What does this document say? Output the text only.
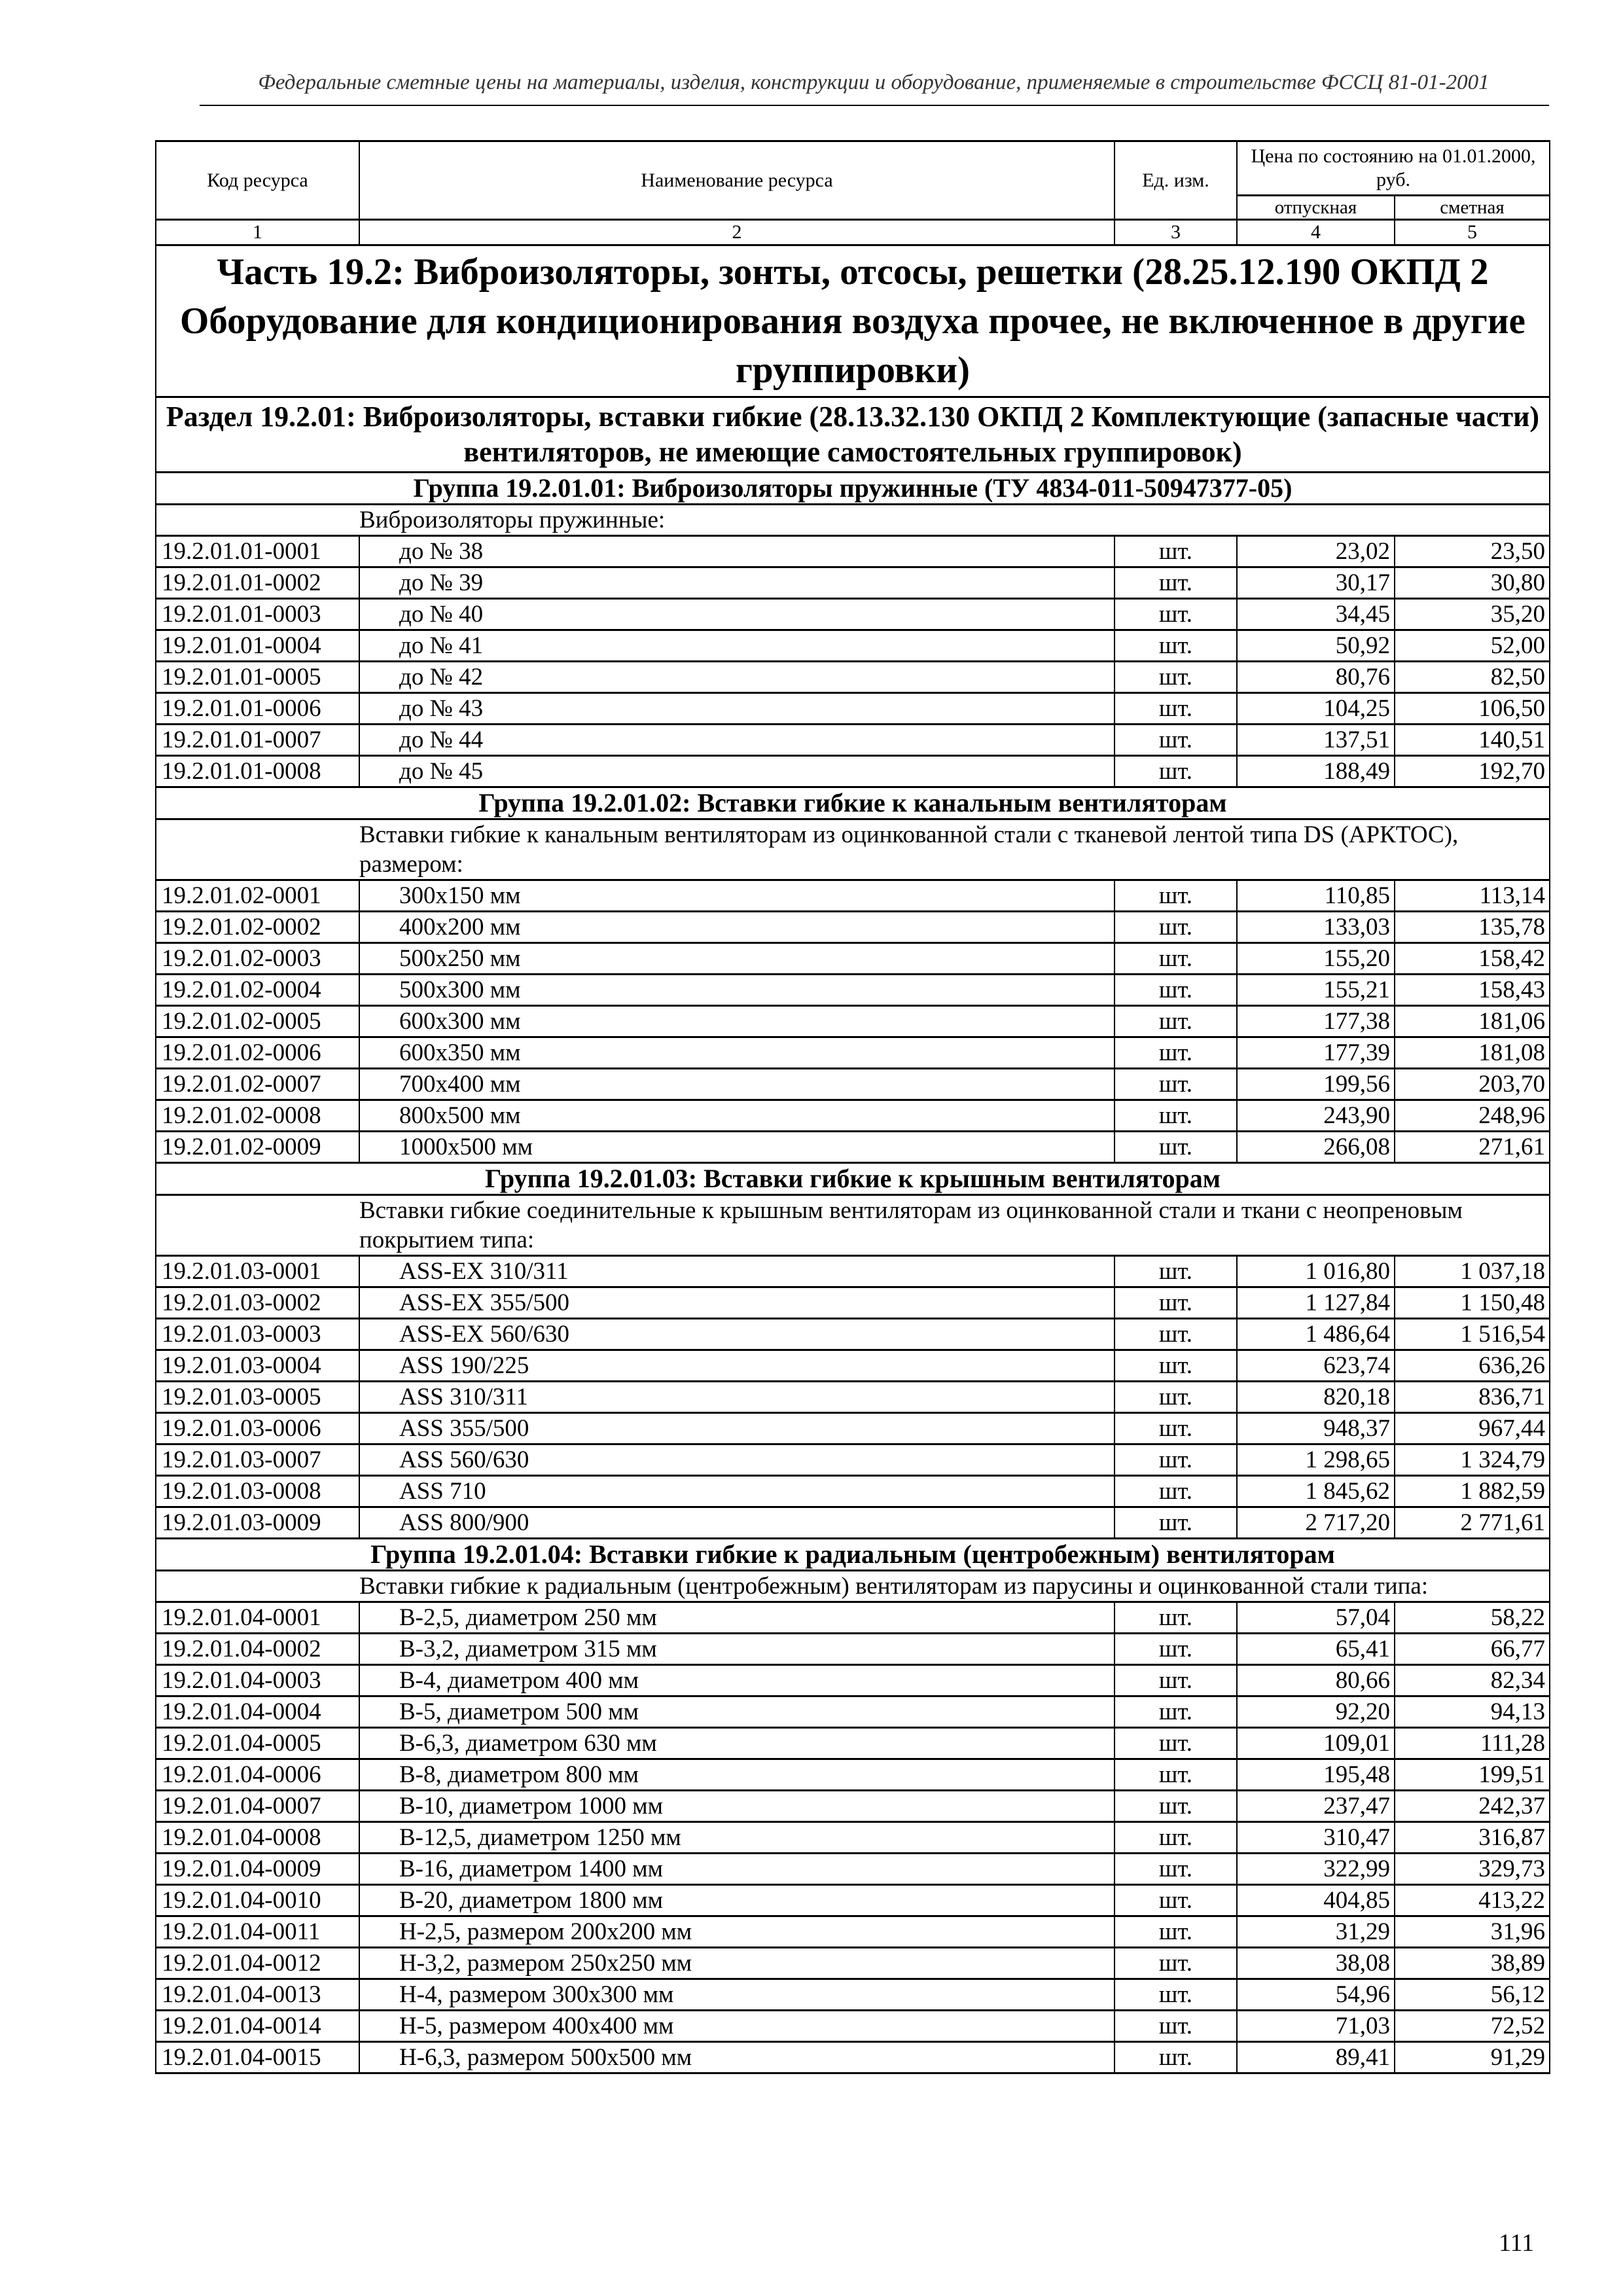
Федеральные сметные цены на материалы, изделия, конструкции и оборудование, применяемые в строительстве ФССЦ 81-01-2001
Код ресурса	Наименование ресурса	Ед. изм.	Цена по состоянию на 01.01.2000, руб.	
			отпускная	сметная
1	2	3	4	5
Часть 19.2: Виброизоляторы, зонты, отсосы, решетки (28.25.12.190 ОКПД 2 Оборудование для кондиционирования воздуха прочее, не включенное в другие группировки)				
Раздел 19.2.01: Виброизоляторы, вставки гибкие (28.13.32.130 ОКПД 2 Комплектующие (запасные части) вентиляторов, не имеющие самостоятельных группировок)				
Группа 19.2.01.01: Виброизоляторы пружинные (ТУ 4834-011-50947377-05)				
Виброизоляторы пружинные:				
19.2.01.01-0001	до № 38	шт.	23,02	23,50
19.2.01.01-0002	до № 39	шт.	30,17	30,80
19.2.01.01-0003	до № 40	шт.	34,45	35,20
19.2.01.01-0004	до № 41	шт.	50,92	52,00
19.2.01.01-0005	до № 42	шт.	80,76	82,50
19.2.01.01-0006	до № 43	шт.	104,25	106,50
19.2.01.01-0007	до № 44	шт.	137,51	140,51
19.2.01.01-0008	до № 45	шт.	188,49	192,70
Группа 19.2.01.02: Вставки гибкие к канальным вентиляторам				
Вставки гибкие к канальным вентиляторам из оцинкованной стали с тканевой лентой типа DS (АРКТОС), размером:				
19.2.01.02-0001	300x150 мм	шт.	110,85	113,14
19.2.01.02-0002	400x200 мм	шт.	133,03	135,78
19.2.01.02-0003	500x250 мм	шт.	155,20	158,42
19.2.01.02-0004	500x300 мм	шт.	155,21	158,43
19.2.01.02-0005	600x300 мм	шт.	177,38	181,06
19.2.01.02-0006	600x350 мм	шт.	177,39	181,08
19.2.01.02-0007	700x400 мм	шт.	199,56	203,70
19.2.01.02-0008	800x500 мм	шт.	243,90	248,96
19.2.01.02-0009	1000x500 мм	шт.	266,08	271,61
Группа 19.2.01.03: Вставки гибкие к крышным вентиляторам				
Вставки гибкие соединительные к крышным вентиляторам из оцинкованной стали и ткани с неопреновым покрытием типа:				
19.2.01.03-0001	ASS-EX 310/311	шт.	1 016,80	1 037,18
19.2.01.03-0002	ASS-EX 355/500	шт.	1 127,84	1 150,48
19.2.01.03-0003	ASS-EX 560/630	шт.	1 486,64	1 516,54
19.2.01.03-0004	ASS 190/225	шт.	623,74	636,26
19.2.01.03-0005	ASS 310/311	шт.	820,18	836,71
19.2.01.03-0006	ASS 355/500	шт.	948,37	967,44
19.2.01.03-0007	ASS 560/630	шт.	1 298,65	1 324,79
19.2.01.03-0008	ASS 710	шт.	1 845,62	1 882,59
19.2.01.03-0009	ASS 800/900	шт.	2 717,20	2 771,61
Группа 19.2.01.04: Вставки гибкие к радиальным (центробежным) вентиляторам				
Вставки гибкие к радиальным (центробежным) вентиляторам из парусины и оцинкованной стали типа:				
19.2.01.04-0001	В-2,5, диаметром 250 мм	шт.	57,04	58,22
19.2.01.04-0002	В-3,2, диаметром 315 мм	шт.	65,41	66,77
19.2.01.04-0003	В-4, диаметром 400 мм	шт.	80,66	82,34
19.2.01.04-0004	В-5, диаметром 500 мм	шт.	92,20	94,13
19.2.01.04-0005	В-6,3, диаметром 630 мм	шт.	109,01	111,28
19.2.01.04-0006	В-8, диаметром 800 мм	шт.	195,48	199,51
19.2.01.04-0007	В-10, диаметром 1000 мм	шт.	237,47	242,37
19.2.01.04-0008	В-12,5, диаметром 1250 мм	шт.	310,47	316,87
19.2.01.04-0009	В-16, диаметром 1400 мм	шт.	322,99	329,73
19.2.01.04-0010	В-20, диаметром 1800 мм	шт.	404,85	413,22
19.2.01.04-0011	Н-2,5, размером 200x200 мм	шт.	31,29	31,96
19.2.01.04-0012	Н-3,2, размером 250x250 мм	шт.	38,08	38,89
19.2.01.04-0013	Н-4, размером 300x300 мм	шт.	54,96	56,12
19.2.01.04-0014	Н-5, размером 400x400 мм	шт.	71,03	72,52
19.2.01.04-0015	Н-6,3, размером 500x500 мм	шт.	89,41	91,29
111
